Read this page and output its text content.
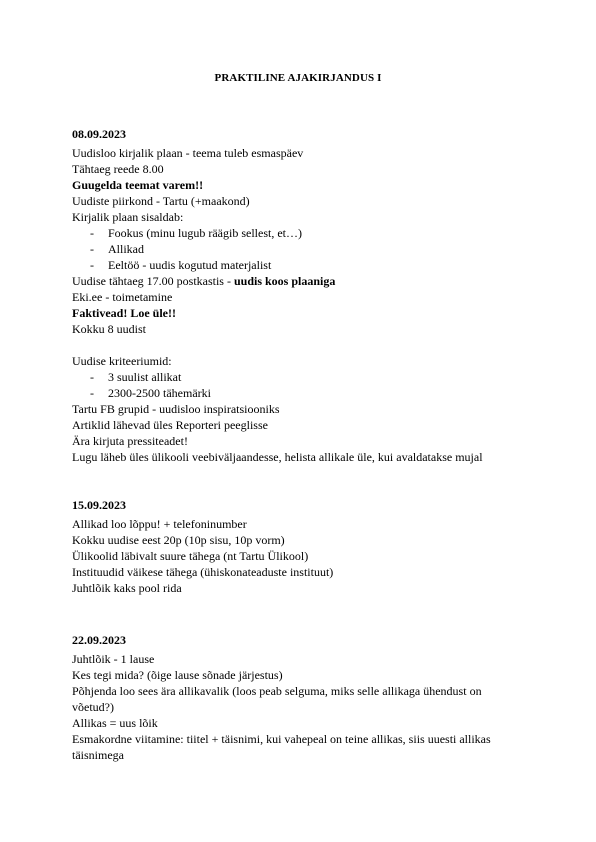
PRAKTILINE AJAKIRJANDUS I
08.09.2023
Uudisloo kirjalik plaan - teema tuleb esmaspäev
Tähtaeg reede 8.00
Guugelda teemat varem!!
Uudiste piirkond - Tartu (+maakond)
Kirjalik plaan sisaldab:
- Fookus (minu lugub räägib sellest, et…)
- Allikad
- Eeltöö - uudis kogutud materjalist
Uudise tähtaeg 17.00 postkastis - uudis koos plaaniga
Eki.ee - toimetamine
Faktivead! Loe üle!!
Kokku 8 uudist
Uudise kriteeriumid:
- 3 suulist allikat
- 2300-2500 tähemärki
Tartu FB grupid - uudisloo inspiratsiooniks
Artiklid lähevad üles Reporteri peeglisse
Ära kirjuta pressiteadet!
Lugu läheb üles ülikooli veebiväljaandesse, helista allikale üle, kui avaldatakse mujal
15.09.2023
Allikad loo lõppu! + telefoninumber
Kokku uudise eest 20p (10p sisu, 10p vorm)
Ülikoolid läbivalt suure tähega (nt Tartu Ülikool)
Instituudid väikese tähega (ühiskonateaduste instituut)
Juhtlõik kaks pool rida
22.09.2023
Juhtlõik - 1 lause
Kes tegi mida? (õige lause sõnade järjestus)
Põhjenda loo sees ära allikavalik (loos peab selguma, miks selle allikaga ühendust on võetud?)
Allikas = uus lõik
Esmakordne viitamine: tiitel + täisnimi, kui vahepeal on teine allikas, siis uuesti allikas täisnimega
